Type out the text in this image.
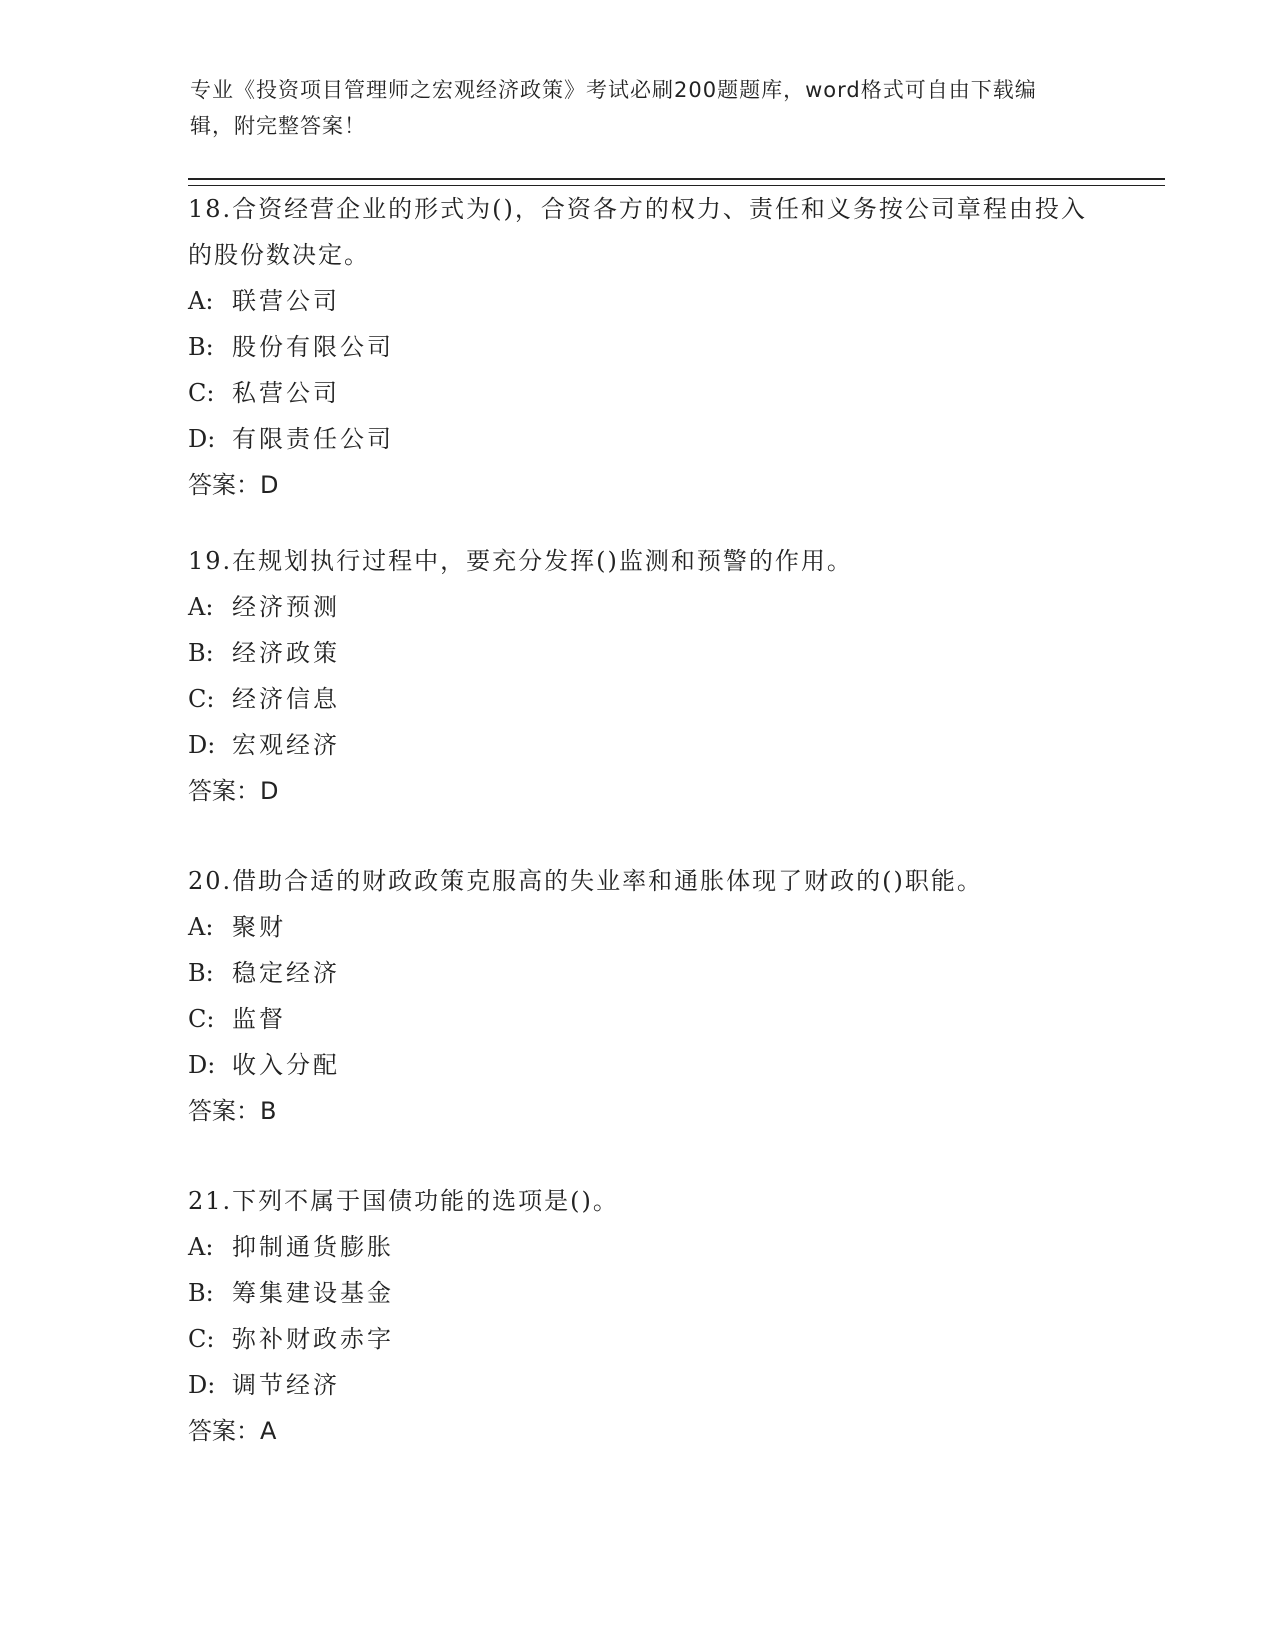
专业《投资项目管理师之宏观经济政策》考试必刷200题题库，word格式可自由下载编辑，附完整答案！

18.合资经营企业的形式为()，合资各方的权力、责任和义务按公司章程由投入的股份数决定。

A: 联营公司

B: 股份有限公司

C: 私营公司

D: 有限责任公司

答案：D

19.在规划执行过程中，要充分发挥()监测和预警的作用。

A: 经济预测

B: 经济政策

C: 经济信息

D: 宏观经济

答案：D

20.借助合适的财政政策克服高的失业率和通胀体现了财政的()职能。

A: 聚财

B: 稳定经济

C: 监督

D: 收入分配

答案：B

21.下列不属于国债功能的选项是()。

A: 抑制通货膨胀

B: 筹集建设基金

C: 弥补财政赤字

D: 调节经济

答案：A
